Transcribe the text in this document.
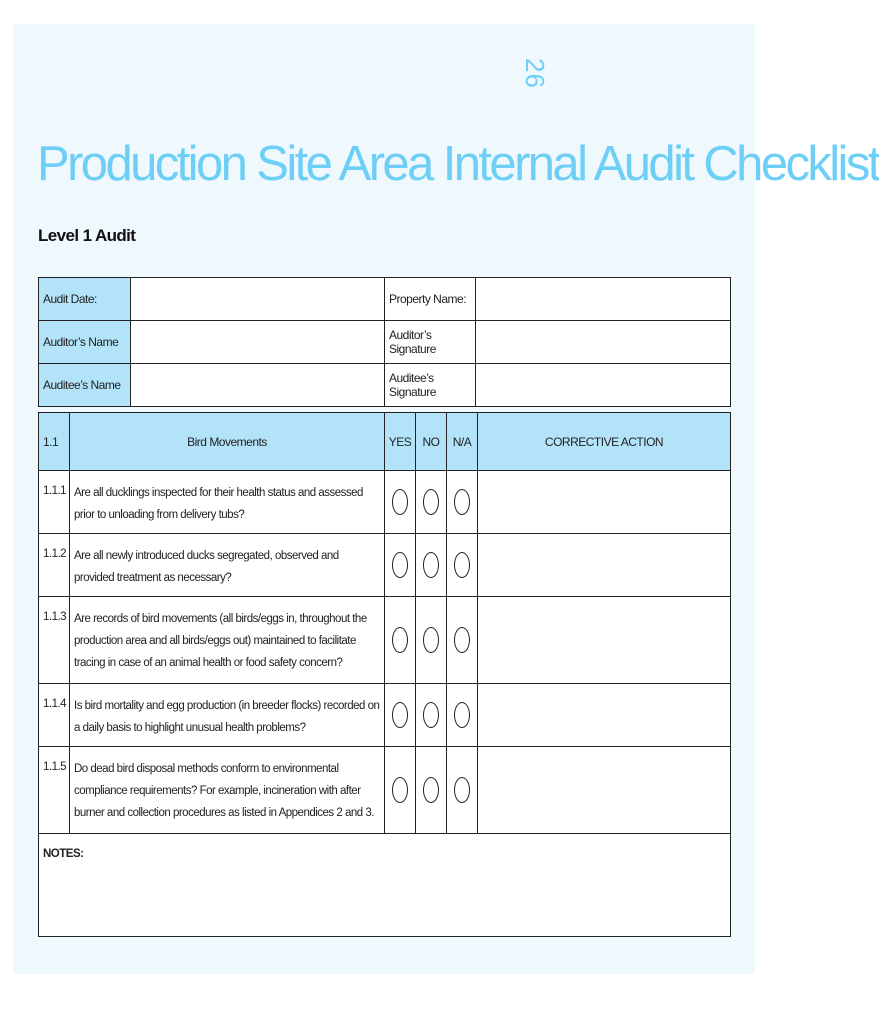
26
Production Site Area Internal Audit Checklist
Level 1 Audit
Audit Date:		Property Name:	
Auditor’s Name		Auditor’s Signature	
Auditee’s Name		Auditee’s Signature	
1.1	Bird Movements	YES	NO	N/A	CORRECTIVE ACTION
1.1.1	Are all ducklings inspected for their health status and assessed prior to unloading from delivery tubs?				
1.1.2	Are all newly introduced ducks segregated, observed and provided treatment as necessary?				
1.1.3	Are records of bird movements (all birds/eggs in, throughout the production area and all birds/eggs out) maintained to facilitate tracing in case of an animal health or food safety concern?				
1.1.4	Is bird mortality and egg production (in breeder flocks) recorded on a daily basis to highlight unusual health problems?				
1.1.5	Do dead bird disposal methods conform to environmental compliance requirements? For example, incineration with after burner and collection procedures as listed in Appendices 2 and 3.				
NOTES:					
